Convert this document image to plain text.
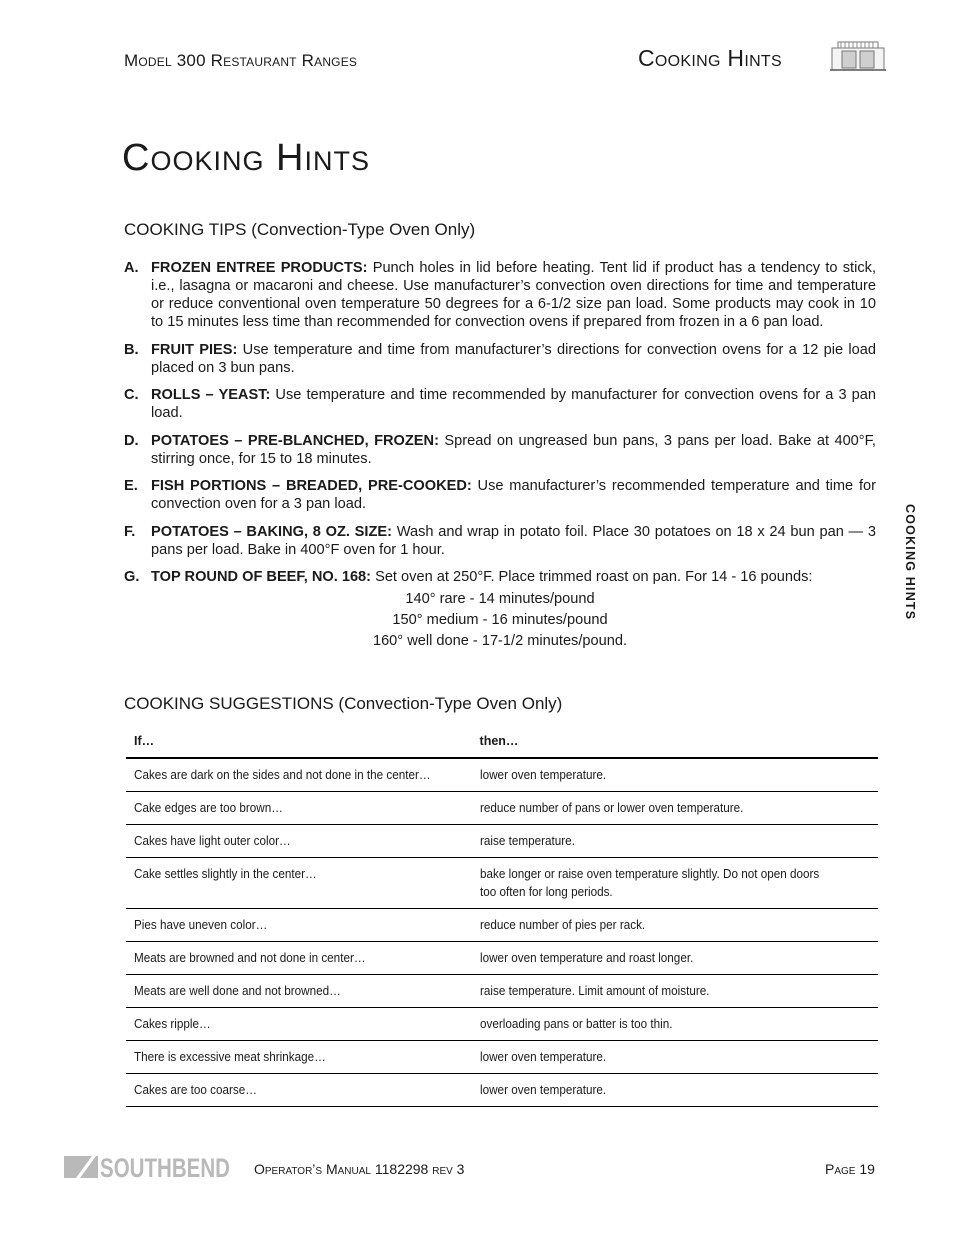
Model 300 Restaurant Ranges	Cooking Hints
Cooking Hints
COOKING TIPS (Convection-Type Oven Only)
A. FROZEN ENTREE PRODUCTS: Punch holes in lid before heating. Tent lid if product has a tendency to stick, i.e., lasagna or macaroni and cheese. Use manufacturer’s convection oven directions for time and temperature or reduce conventional oven temperature 50 degrees for a 6-1/2 size pan load. Some products may cook in 10 to 15 minutes less time than recommended for convection ovens if prepared from frozen in a 6 pan load.
B. FRUIT PIES: Use temperature and time from manufacturer’s directions for convection ovens for a 12 pie load placed on 3 bun pans.
C. ROLLS – YEAST: Use temperature and time recommended by manufacturer for convection ovens for a 3 pan load.
D. POTATOES – PRE-BLANCHED, FROZEN: Spread on ungreased bun pans, 3 pans per load. Bake at 400°F, stirring once, for 15 to 18 minutes.
E. FISH PORTIONS – BREADED, PRE-COOKED: Use manufacturer’s recommended temperature and time for convection oven for a 3 pan load.
F.	POTATOES – BAKING, 8 OZ. SIZE: Wash and wrap in potato foil. Place 30 potatoes on 18 x 24 bun pan — 3 pans per load. Bake in 400°F oven for 1 hour.
G. TOP ROUND OF BEEF, NO. 168: Set oven at 250°F. Place trimmed roast on pan. For 14 - 16 pounds:
140° rare - 14 minutes/pound
150° medium - 16 minutes/pound
160° well done - 17-1/2 minutes/pound.
COOKING HINTS
COOKING SUGGESTIONS (Convection-Type Oven Only)
If…	then…
Cakes are dark on the sides and not done in the center…	lower oven temperature.
Cake edges are too brown…	reduce number of pans or lower oven temperature.
Cakes have light outer color…	raise temperature.
Cake settles slightly in the center…	bake longer or raise oven temperature slightly. Do not open doors too often for long periods.

Pies have uneven color…	reduce number of pies per rack.
Meats are browned and not done in center…	lower oven temperature and roast longer.
Meats are well done and not browned…	raise temperature. Limit amount of moisture.
Cakes ripple…	overloading pans or batter is too thin.
There is excessive meat shrinkage…	lower oven temperature.
Cakes are too coarse…	lower oven temperature.
SOUTHBEND Operator’s Manual 1182298 rev 3	Page 19
